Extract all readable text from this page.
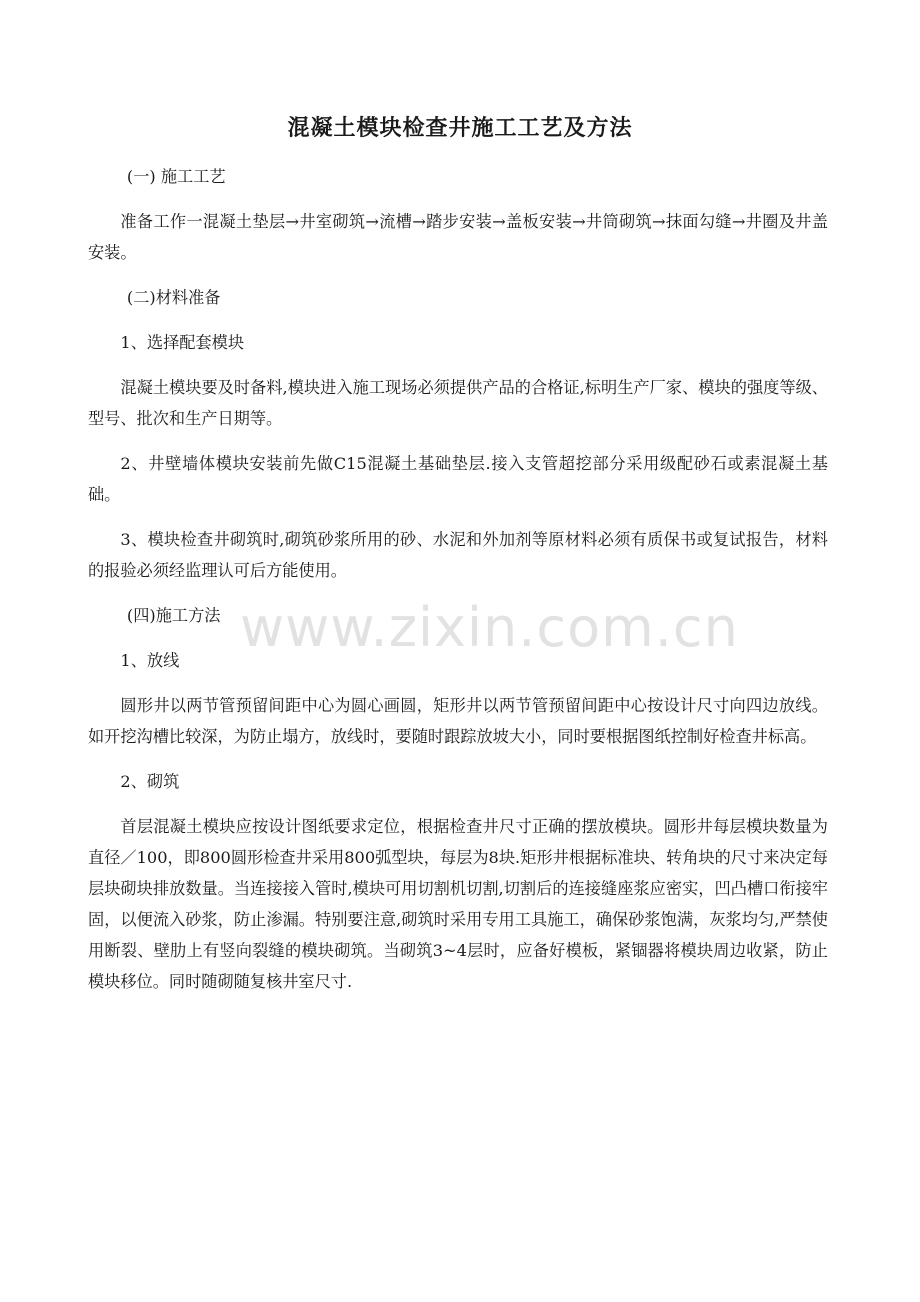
混凝土模块检查井施工工艺及方法

(一) 施工工艺

准备工作一混凝土垫层→井室砌筑→流槽→踏步安装→盖板安装→井筒砌筑→抹面勾缝→井圈及井盖安装。

(二)材料准备

1、选择配套模块

混凝土模块要及时备料,模块进入施工现场必须提供产品的合格证,标明生产厂家、模块的强度等级、型号、批次和生产日期等。

2、井壁墙体模块安装前先做C15混凝土基础垫层.接入支管超挖部分采用级配砂石或素混凝土基础。

3、模块检查井砌筑时,砌筑砂浆所用的砂、水泥和外加剂等原材料必须有质保书或复试报告，材料的报验必须经监理认可后方能使用。

(四)施工方法

1、放线

圆形井以两节管预留间距中心为圆心画圆，矩形井以两节管预留间距中心按设计尺寸向四边放线。如开挖沟槽比较深，为防止塌方，放线时，要随时跟踪放坡大小，同时要根据图纸控制好检查井标高。

2、砌筑

首层混凝土模块应按设计图纸要求定位，根据检查井尺寸正确的摆放模块。圆形井每层模块数量为直径／100，即800圆形检查井采用800弧型块，每层为8块.矩形井根据标准块、转角块的尺寸来决定每层块砌块排放数量。当连接接入管时,模块可用切割机切割,切割后的连接缝座浆应密实，凹凸槽口衔接牢固，以便流入砂浆，防止渗漏。特别要注意,砌筑时采用专用工具施工，确保砂浆饱满，灰浆均匀,严禁使用断裂、壁肋上有竖向裂缝的模块砌筑。当砌筑3~4层时，应备好模板，紧锢器将模块周边收紧，防止模块移位。同时随砌随复核井室尺寸.

www.zixin.com.cn
